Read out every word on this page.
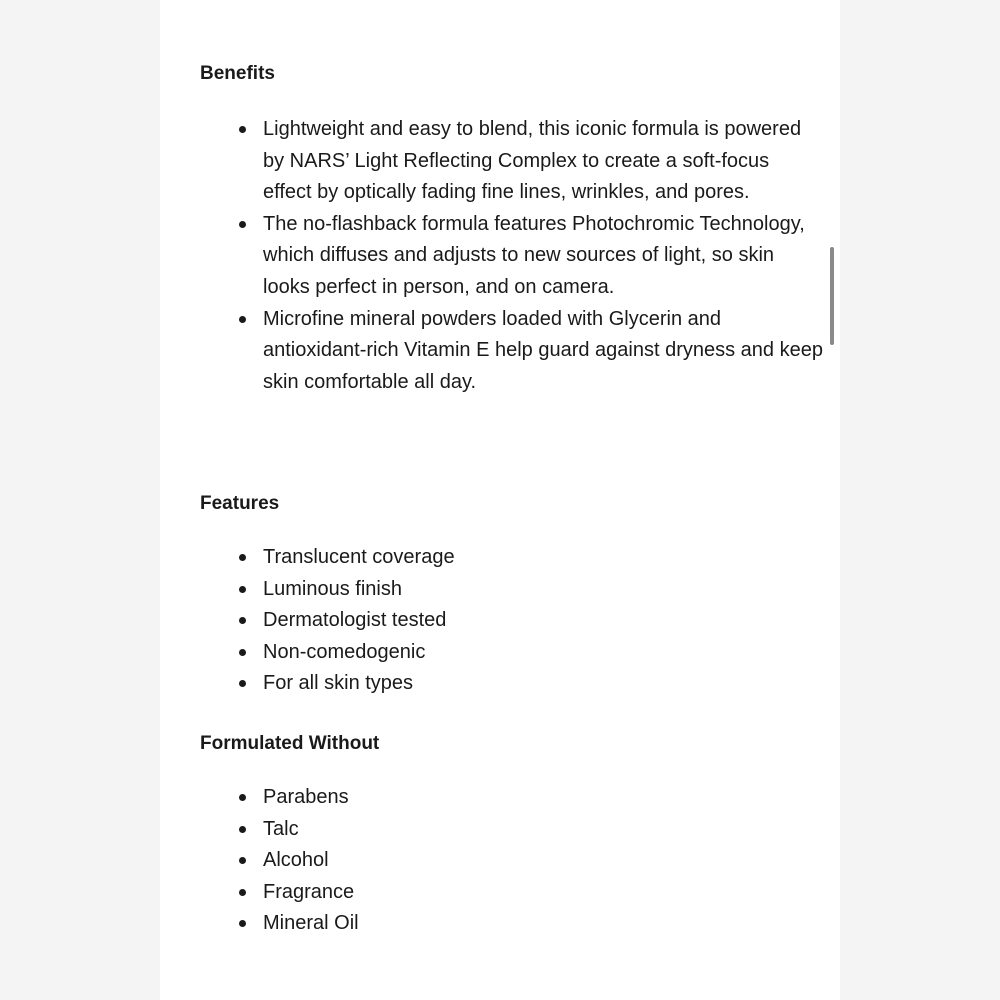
Benefits
Lightweight and easy to blend, this iconic formula is powered by NARS’ Light Reflecting Complex to create a soft-focus effect by optically fading fine lines, wrinkles, and pores.
The no-flashback formula features Photochromic Technology, which diffuses and adjusts to new sources of light, so skin looks perfect in person, and on camera.
Microfine mineral powders loaded with Glycerin and antioxidant-rich Vitamin E help guard against dryness and keep skin comfortable all day.
Features
Translucent coverage
Luminous finish
Dermatologist tested
Non-comedogenic
For all skin types
Formulated Without
Parabens
Talc
Alcohol
Fragrance
Mineral Oil
